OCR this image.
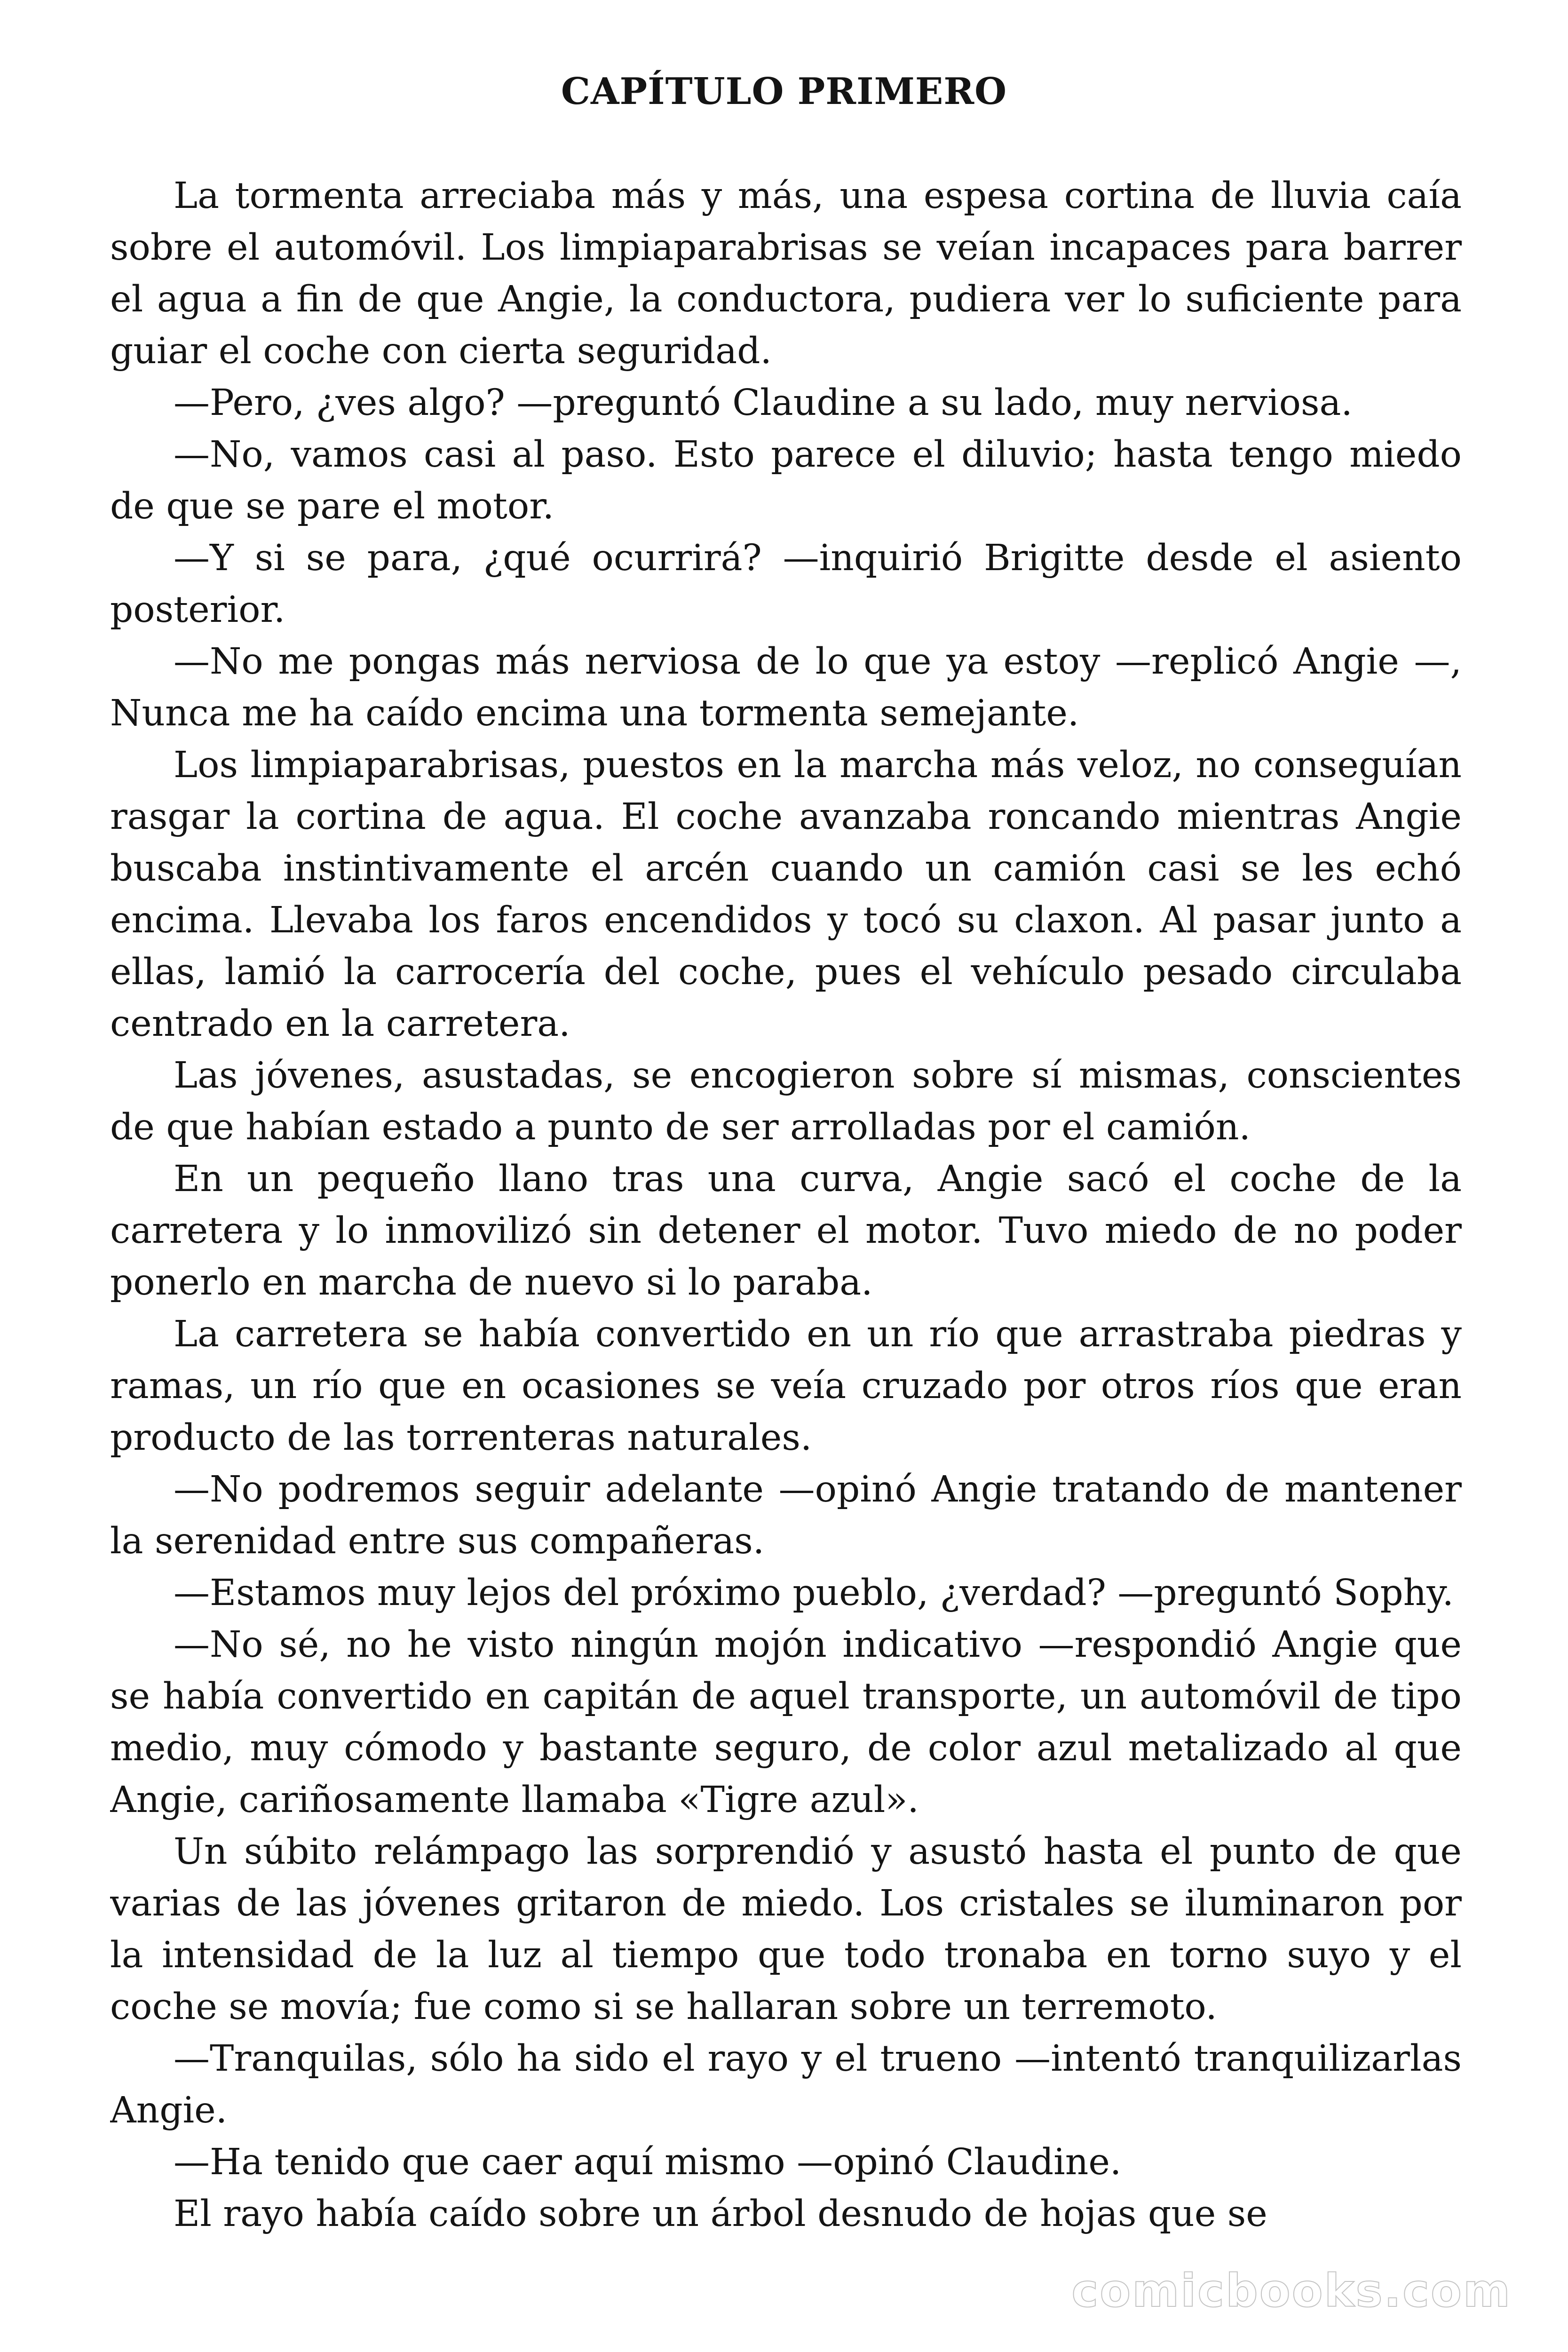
CAPÍTULO PRIMERO

La tormenta arreciaba más y más, una espesa cortina de lluvia caía sobre el automóvil. Los limpiaparabrisas se veían incapaces para barrer el agua a fin de que Angie, la conductora, pudiera ver lo suficiente para guiar el coche con cierta seguridad.

—Pero, ¿ves algo? —preguntó Claudine a su lado, muy nerviosa.

—No, vamos casi al paso. Esto parece el diluvio; hasta tengo miedo de que se pare el motor.

—Y si se para, ¿qué ocurrirá? —inquirió Brigitte desde el asiento posterior.

—No me pongas más nerviosa de lo que ya estoy —replicó Angie —, Nunca me ha caído encima una tormenta semejante.

Los limpiaparabrisas, puestos en la marcha más veloz, no conseguían rasgar la cortina de agua. El coche avanzaba roncando mientras Angie buscaba instintivamente el arcén cuando un camión casi se les echó encima. Llevaba los faros encendidos y tocó su claxon. Al pasar junto a ellas, lamió la carrocería del coche, pues el vehículo pesado circulaba centrado en la carretera.

Las jóvenes, asustadas, se encogieron sobre sí mismas, conscientes de que habían estado a punto de ser arrolladas por el camión.

En un pequeño llano tras una curva, Angie sacó el coche de la carretera y lo inmovilizó sin detener el motor. Tuvo miedo de no poder ponerlo en marcha de nuevo si lo paraba.

La carretera se había convertido en un río que arrastraba piedras y ramas, un río que en ocasiones se veía cruzado por otros ríos que eran producto de las torrenteras naturales.

—No podremos seguir adelante —opinó Angie tratando de mantener la serenidad entre sus compañeras.

—Estamos muy lejos del próximo pueblo, ¿verdad? —preguntó Sophy.

—No sé, no he visto ningún mojón indicativo —respondió Angie que se había convertido en capitán de aquel transporte, un automóvil de tipo medio, muy cómodo y bastante seguro, de color azul metalizado al que Angie, cariñosamente llamaba «Tigre azul».

Un súbito relámpago las sorprendió y asustó hasta el punto de que varias de las jóvenes gritaron de miedo. Los cristales se iluminaron por la intensidad de la luz al tiempo que todo tronaba en torno suyo y el coche se movía; fue como si se hallaran sobre un terremoto.

—Tranquilas, sólo ha sido el rayo y el trueno —intentó tranquilizarlas Angie.

—Ha tenido que caer aquí mismo —opinó Claudine.

El rayo había caído sobre un árbol desnudo de hojas que se

comicbooks.com
